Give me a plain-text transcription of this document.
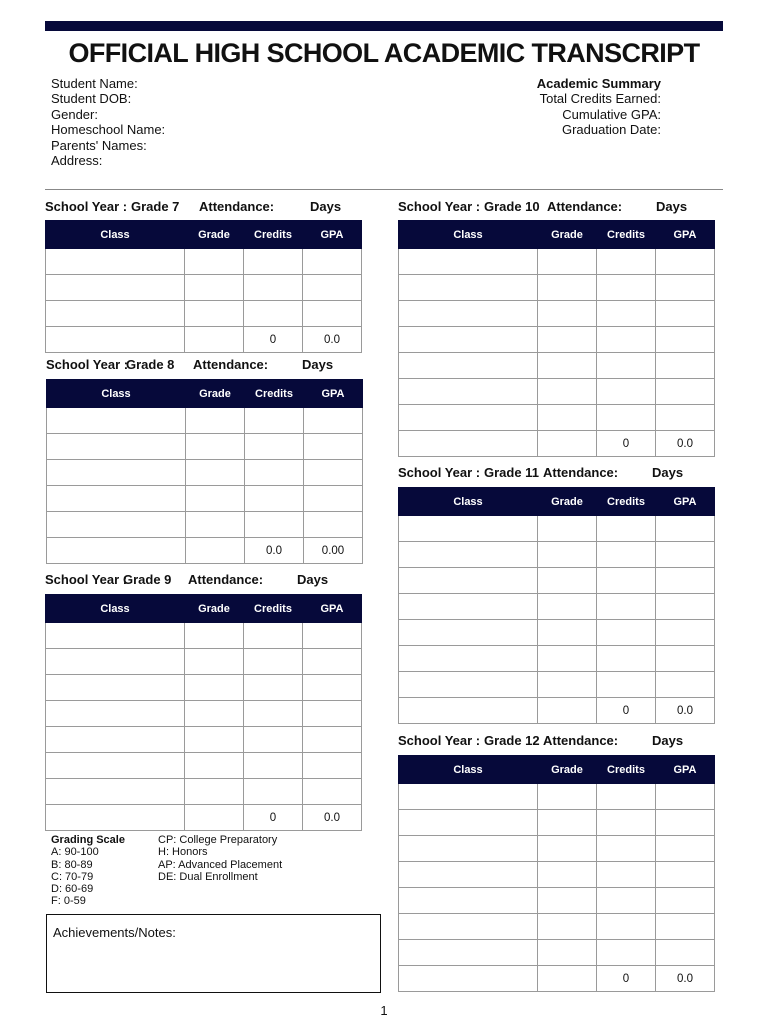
OFFICIAL HIGH SCHOOL ACADEMIC TRANSCRIPT
Student Name:
Student DOB:
Gender:
Homeschool Name:
Parents' Names:
Address:
Academic Summary
Total Credits Earned:
Cumulative GPA:
Graduation Date:
School Year : Grade 7 Attendance:	Days
Class	Grade	Credits	GPA

		0	0.0
School Year :
Grade 8 Attendance:	Days
Class	Grade	Credits	GPA

		0.0	0.00
School Year :
Grade 9 Attendance:	Days
Class	Grade	Credits	GPA

		0	0.0
School Year : Grade 10 Attendance:	Days
Class	Grade	Credits	GPA

		0	0.0
School Year : Grade 11 Attendance:	Days
Class	Grade	Credits	GPA

		0	0.0
School Year : Grade 12 Attendance:	Days
Class	Grade	Credits	GPA

		0	0.0
Grading Scale
A: 90-100
B: 80-89
C: 70-79
D: 60-69
F: 0-59
CP: College Preparatory
H: Honors
AP: Advanced Placement
DE: Dual Enrollment
Achievements/Notes:
1
